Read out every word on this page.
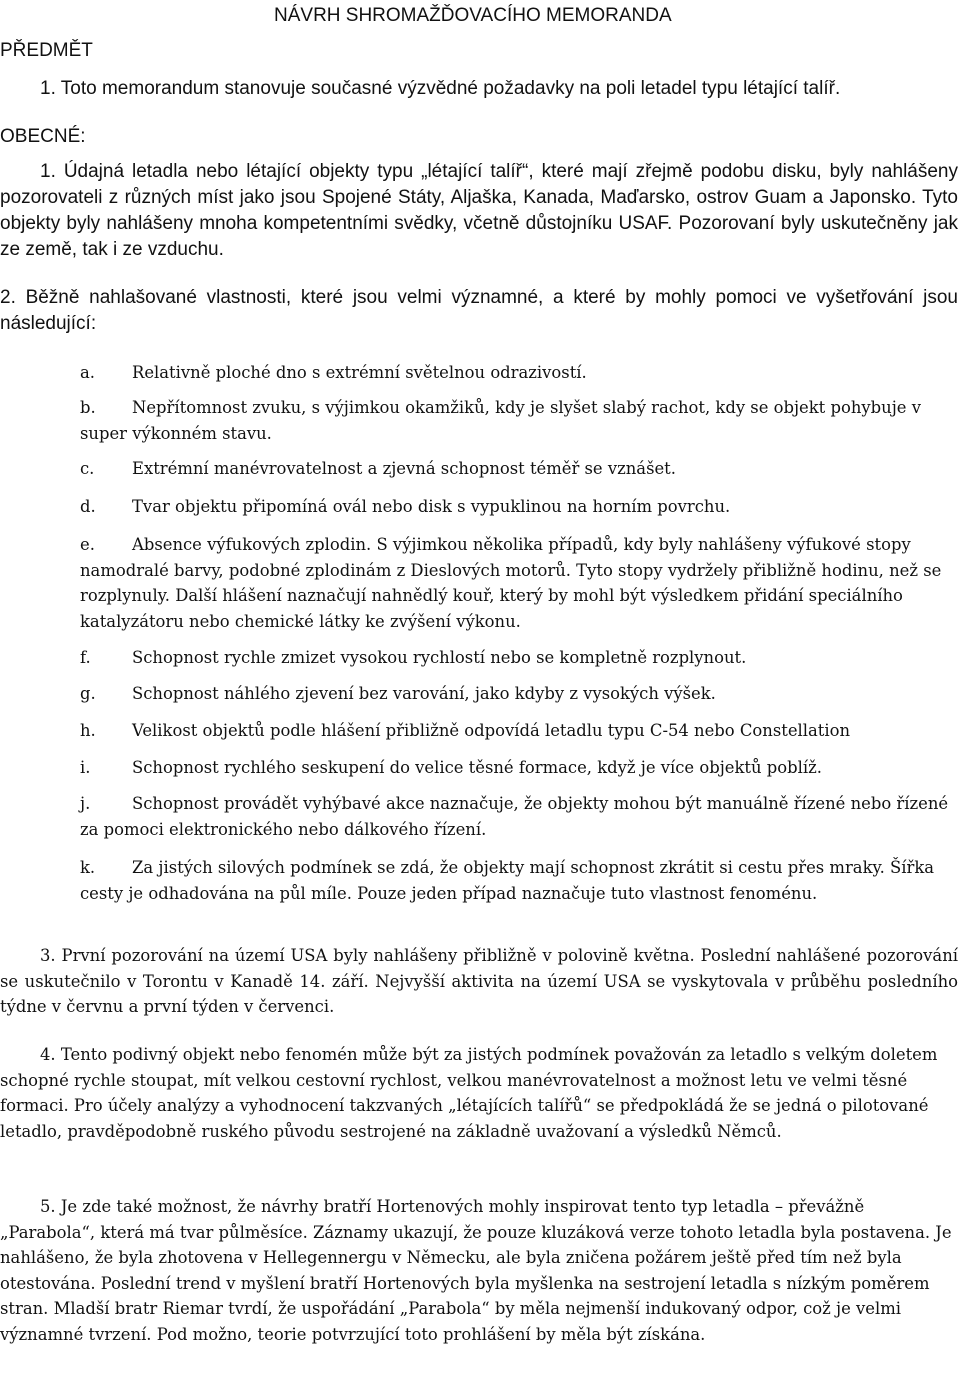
NÁVRH SHROMAŽĎOVACÍHO MEMORANDA

PŘEDMĚT

1. Toto memorandum stanovuje současné výzvědné požadavky na poli letadel typu létající talíř.

OBECNÉ:

1. Údajná letadla nebo létající objekty typu „létající talíř“, které mají zřejmě podobu disku, byly nahlášeny pozorovateli z různých míst jako jsou Spojené Státy, Aljaška, Kanada, Maďarsko, ostrov Guam a Japonsko. Tyto objekty byly nahlášeny mnoha kompetentními svědky, včetně důstojníku USAF. Pozorovaní byly uskutečněny jak ze země, tak i ze vzduchu.

2. Běžně nahlašované vlastnosti, které jsou velmi významné, a které by mohly pomoci ve vyšetřování jsou následující:

a.	Relativně ploché dno s extrémní světelnou odrazivostí.
b.	Nepřítomnost zvuku, s výjimkou okamžiků, kdy je slyšet slabý rachot, kdy se objekt pohybuje v super výkonném stavu.
c.	Extrémní manévrovatelnost a zjevná schopnost téměř se vznášet.
d.	Tvar objektu připomíná ovál nebo disk s vypuklinou na horním povrchu.
e.	Absence výfukových zplodin. S výjimkou několika případů, kdy byly nahlášeny výfukové stopy namodralé barvy, podobné zplodinám z Dieslových motorů. Tyto stopy vydržely přibližně hodinu, než se rozplynuly. Další hlášení naznačují nahnědlý kouř, který by mohl být výsledkem přidání speciálního katalyzátoru nebo chemické látky ke zvýšení výkonu.
f.	Schopnost rychle zmizet vysokou rychlostí nebo se kompletně rozplynout.
g.	Schopnost náhlého zjevení bez varování, jako kdyby z vysokých výšek.
h.	Velikost objektů podle hlášení přibližně odpovídá letadlu typu C-54 nebo Constellation
i.	Schopnost rychlého seskupení do velice těsné formace, když je více objektů poblíž.
j.	Schopnost provádět vyhýbavé akce naznačuje, že objekty mohou být manuálně řízené nebo řízené za pomoci elektronického nebo dálkového řízení.
k.	Za jistých silových podmínek se zdá, že objekty mají schopnost zkrátit si cestu přes mraky. Šířka cesty je odhadována na půl míle. Pouze jeden případ naznačuje tuto vlastnost fenoménu.

3. První pozorování na území USA byly nahlášeny přibližně v polovině května. Poslední nahlášené pozorování se uskutečnilo v Torontu v Kanadě 14. září. Nejvyšší aktivita na území USA se vyskytovala v průběhu posledního týdne v červnu a první týden v červenci.

4. Tento podivný objekt nebo fenomén může být za jistých podmínek považován za letadlo s velkým doletem schopné rychle stoupat, mít velkou cestovní rychlost, velkou manévrovatelnost a možnost letu ve velmi těsné formaci. Pro účely analýzy a vyhodnocení takzvaných „létajících talířů“ se předpokládá že se jedná o pilotované letadlo, pravděpodobně ruského původu sestrojené na základně uvažovaní a výsledků Němců.

5. Je zde také možnost, že návrhy bratří Hortenových mohly inspirovat tento typ letadla – převážně „Parabola“, která má tvar půlměsíce. Záznamy ukazují, že pouze kluzáková verze tohoto letadla byla postavena. Je nahlášeno, že byla zhotovena v Hellegennergu v Německu, ale byla zničena požárem ještě před tím než byla otestována. Poslední trend v myšlení bratří Hortenových byla myšlenka na sestrojení letadla s nízkým poměrem stran. Mladší bratr Riemar tvrdí, že uspořádání „Parabola“ by měla nejmenší indukovaný odpor, což je velmi významné tvrzení. Pod možno, teorie potvrzující toto prohlášení by měla být získána.
